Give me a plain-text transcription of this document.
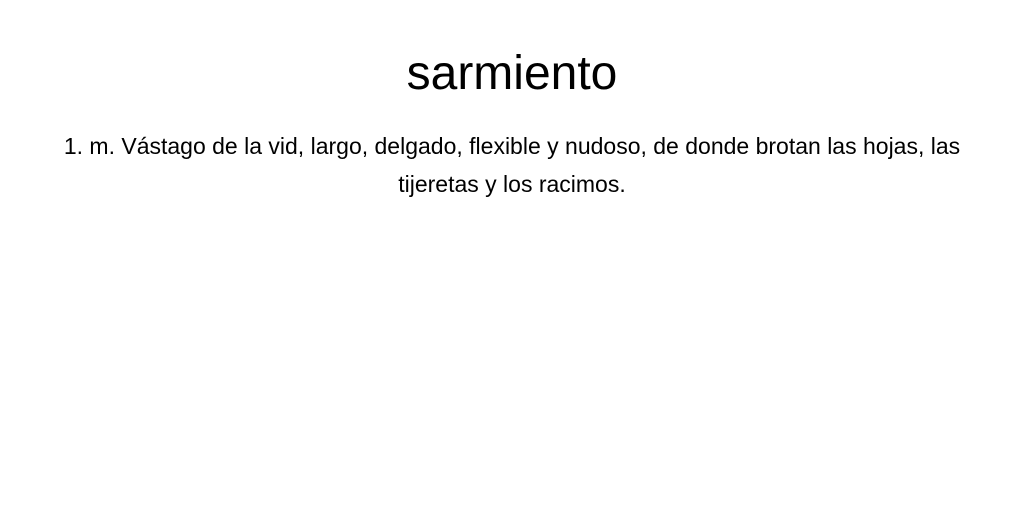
sarmiento

1. m. Vástago de la vid, largo, delgado, flexible y nudoso, de donde brotan las hojas, las tijeretas y los racimos.
